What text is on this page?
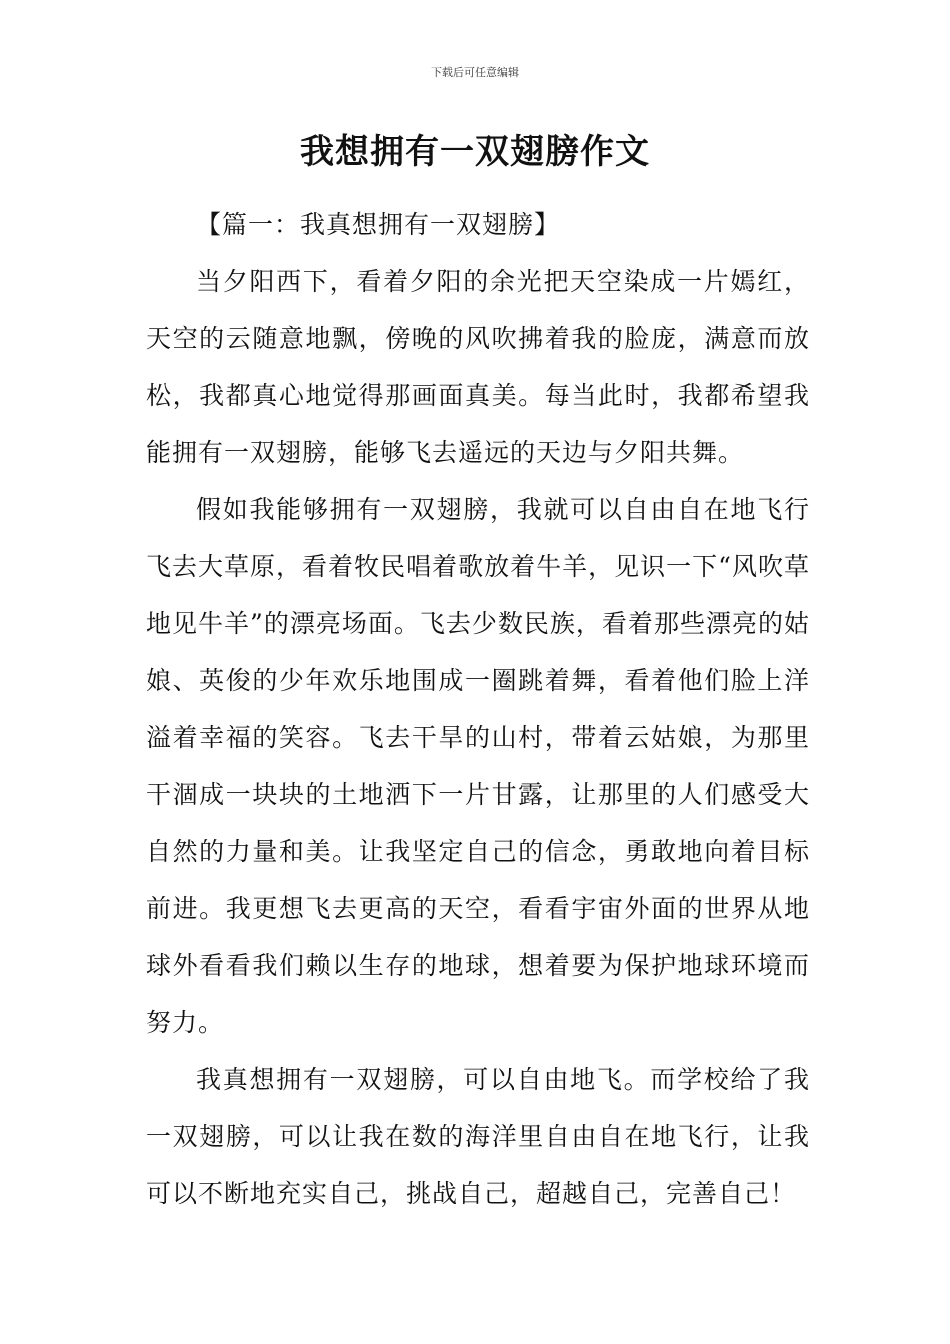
下载后可任意编辑
我想拥有一双翅膀作文

【篇一：我真想拥有一双翅膀】

当夕阳西下，看着夕阳的余光把天空染成一片嫣红，天空的云随意地飘，傍晚的风吹拂着我的脸庞，满意而放松，我都真心地觉得那画面真美。每当此时，我都希望我能拥有一双翅膀，能够飞去遥远的天边与夕阳共舞。

假如我能够拥有一双翅膀，我就可以自由自在地飞行飞去大草原，看着牧民唱着歌放着牛羊，见识一下“风吹草地见牛羊”的漂亮场面。飞去少数民族，看着那些漂亮的姑娘、英俊的少年欢乐地围成一圈跳着舞，看着他们脸上洋溢着幸福的笑容。飞去干旱的山村，带着云姑娘，为那里干涸成一块块的土地洒下一片甘露，让那里的人们感受大自然的力量和美。让我坚定自己的信念，勇敢地向着目标前进。我更想飞去更高的天空，看看宇宙外面的世界从地球外看看我们赖以生存的地球，想着要为保护地球环境而努力。

我真想拥有一双翅膀，可以自由地飞。而学校给了我一双翅膀，可以让我在数的海洋里自由自在地飞行，让我可以不断地充实自己，挑战自己，超越自己，完善自己！
